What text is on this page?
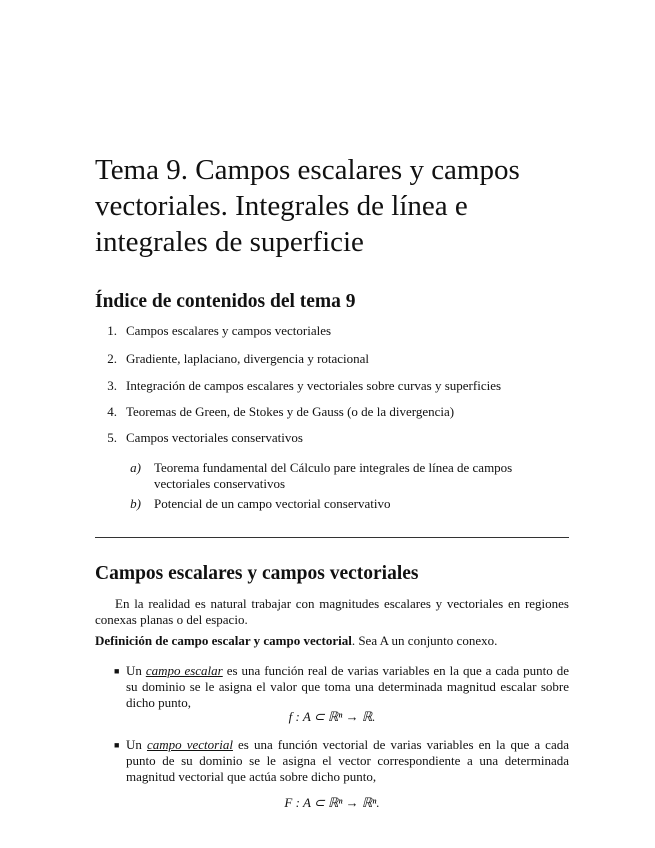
Tema 9. Campos escalares y campos vectoriales. Integrales de línea e integrales de superficie
Índice de contenidos del tema 9
1. Campos escalares y campos vectoriales
2. Gradiente, laplaciano, divergencia y rotacional
3. Integración de campos escalares y vectoriales sobre curvas y superficies
4. Teoremas de Green, de Stokes y de Gauss (o de la divergencia)
5. Campos vectoriales conservativos
a) Teorema fundamental del Cálculo pare integrales de línea de campos vectoriales conservativos
b) Potencial de un campo vectorial conservativo
Campos escalares y campos vectoriales
En la realidad es natural trabajar con magnitudes escalares y vectoriales en regiones conexas planas o del espacio.
Definición de campo escalar y campo vectorial. Sea A un conjunto conexo.
■ Un campo escalar es una función real de varias variables en la que a cada punto de su dominio se le asigna el valor que toma una determinada magnitud escalar sobre dicho punto,
f : A ⊂ ℝⁿ → ℝ.
■ Un campo vectorial es una función vectorial de varias variables en la que a cada punto de su dominio se le asigna el vector correspondiente a una determinada magnitud vectorial que actúa sobre dicho punto,
F : A ⊂ ℝⁿ → ℝⁿ.
